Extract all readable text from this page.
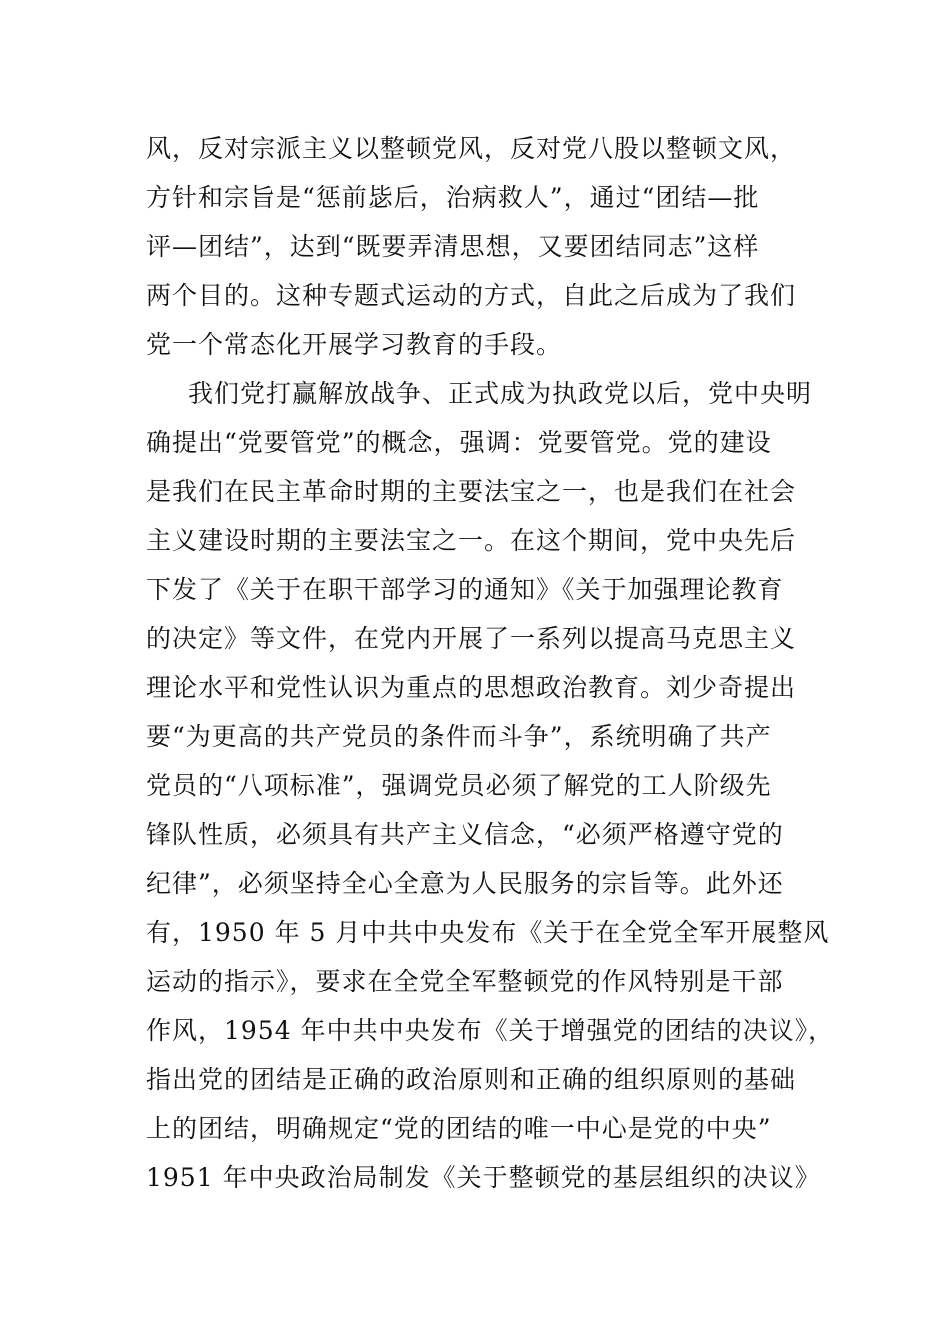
风，反对宗派主义以整顿党风，反对党八股以整顿文风，
方针和宗旨是“惩前毖后，治病救人”，通过“团结—批
评—团结”，达到“既要弄清思想，又要团结同志”这样
两个目的。这种专题式运动的方式，自此之后成为了我们
党一个常态化开展学习教育的手段。
我们党打赢解放战争、正式成为执政党以后，党中央明
确提出“党要管党”的概念，强调：党要管党。党的建设
是我们在民主革命时期的主要法宝之一，也是我们在社会
主义建设时期的主要法宝之一。在这个期间，党中央先后
下发了《关于在职干部学习的通知》《关于加强理论教育
的决定》等文件，在党内开展了一系列以提高马克思主义
理论水平和党性认识为重点的思想政治教育。刘少奇提出
要“为更高的共产党员的条件而斗争”，系统明确了共产
党员的“八项标准”，强调党员必须了解党的工人阶级先
锋队性质，必须具有共产主义信念，“必须严格遵守党的
纪律”，必须坚持全心全意为人民服务的宗旨等。此外还
有，1950 年 5 月中共中央发布《关于在全党全军开展整风
运动的指示》，要求在全党全军整顿党的作风特别是干部
作风，1954 年中共中央发布《关于增强党的团结的决议》，
指出党的团结是正确的政治原则和正确的组织原则的基础
上的团结，明确规定“党的团结的唯一中心是党的中央”
1951 年中央政治局制发《关于整顿党的基层组织的决议》
